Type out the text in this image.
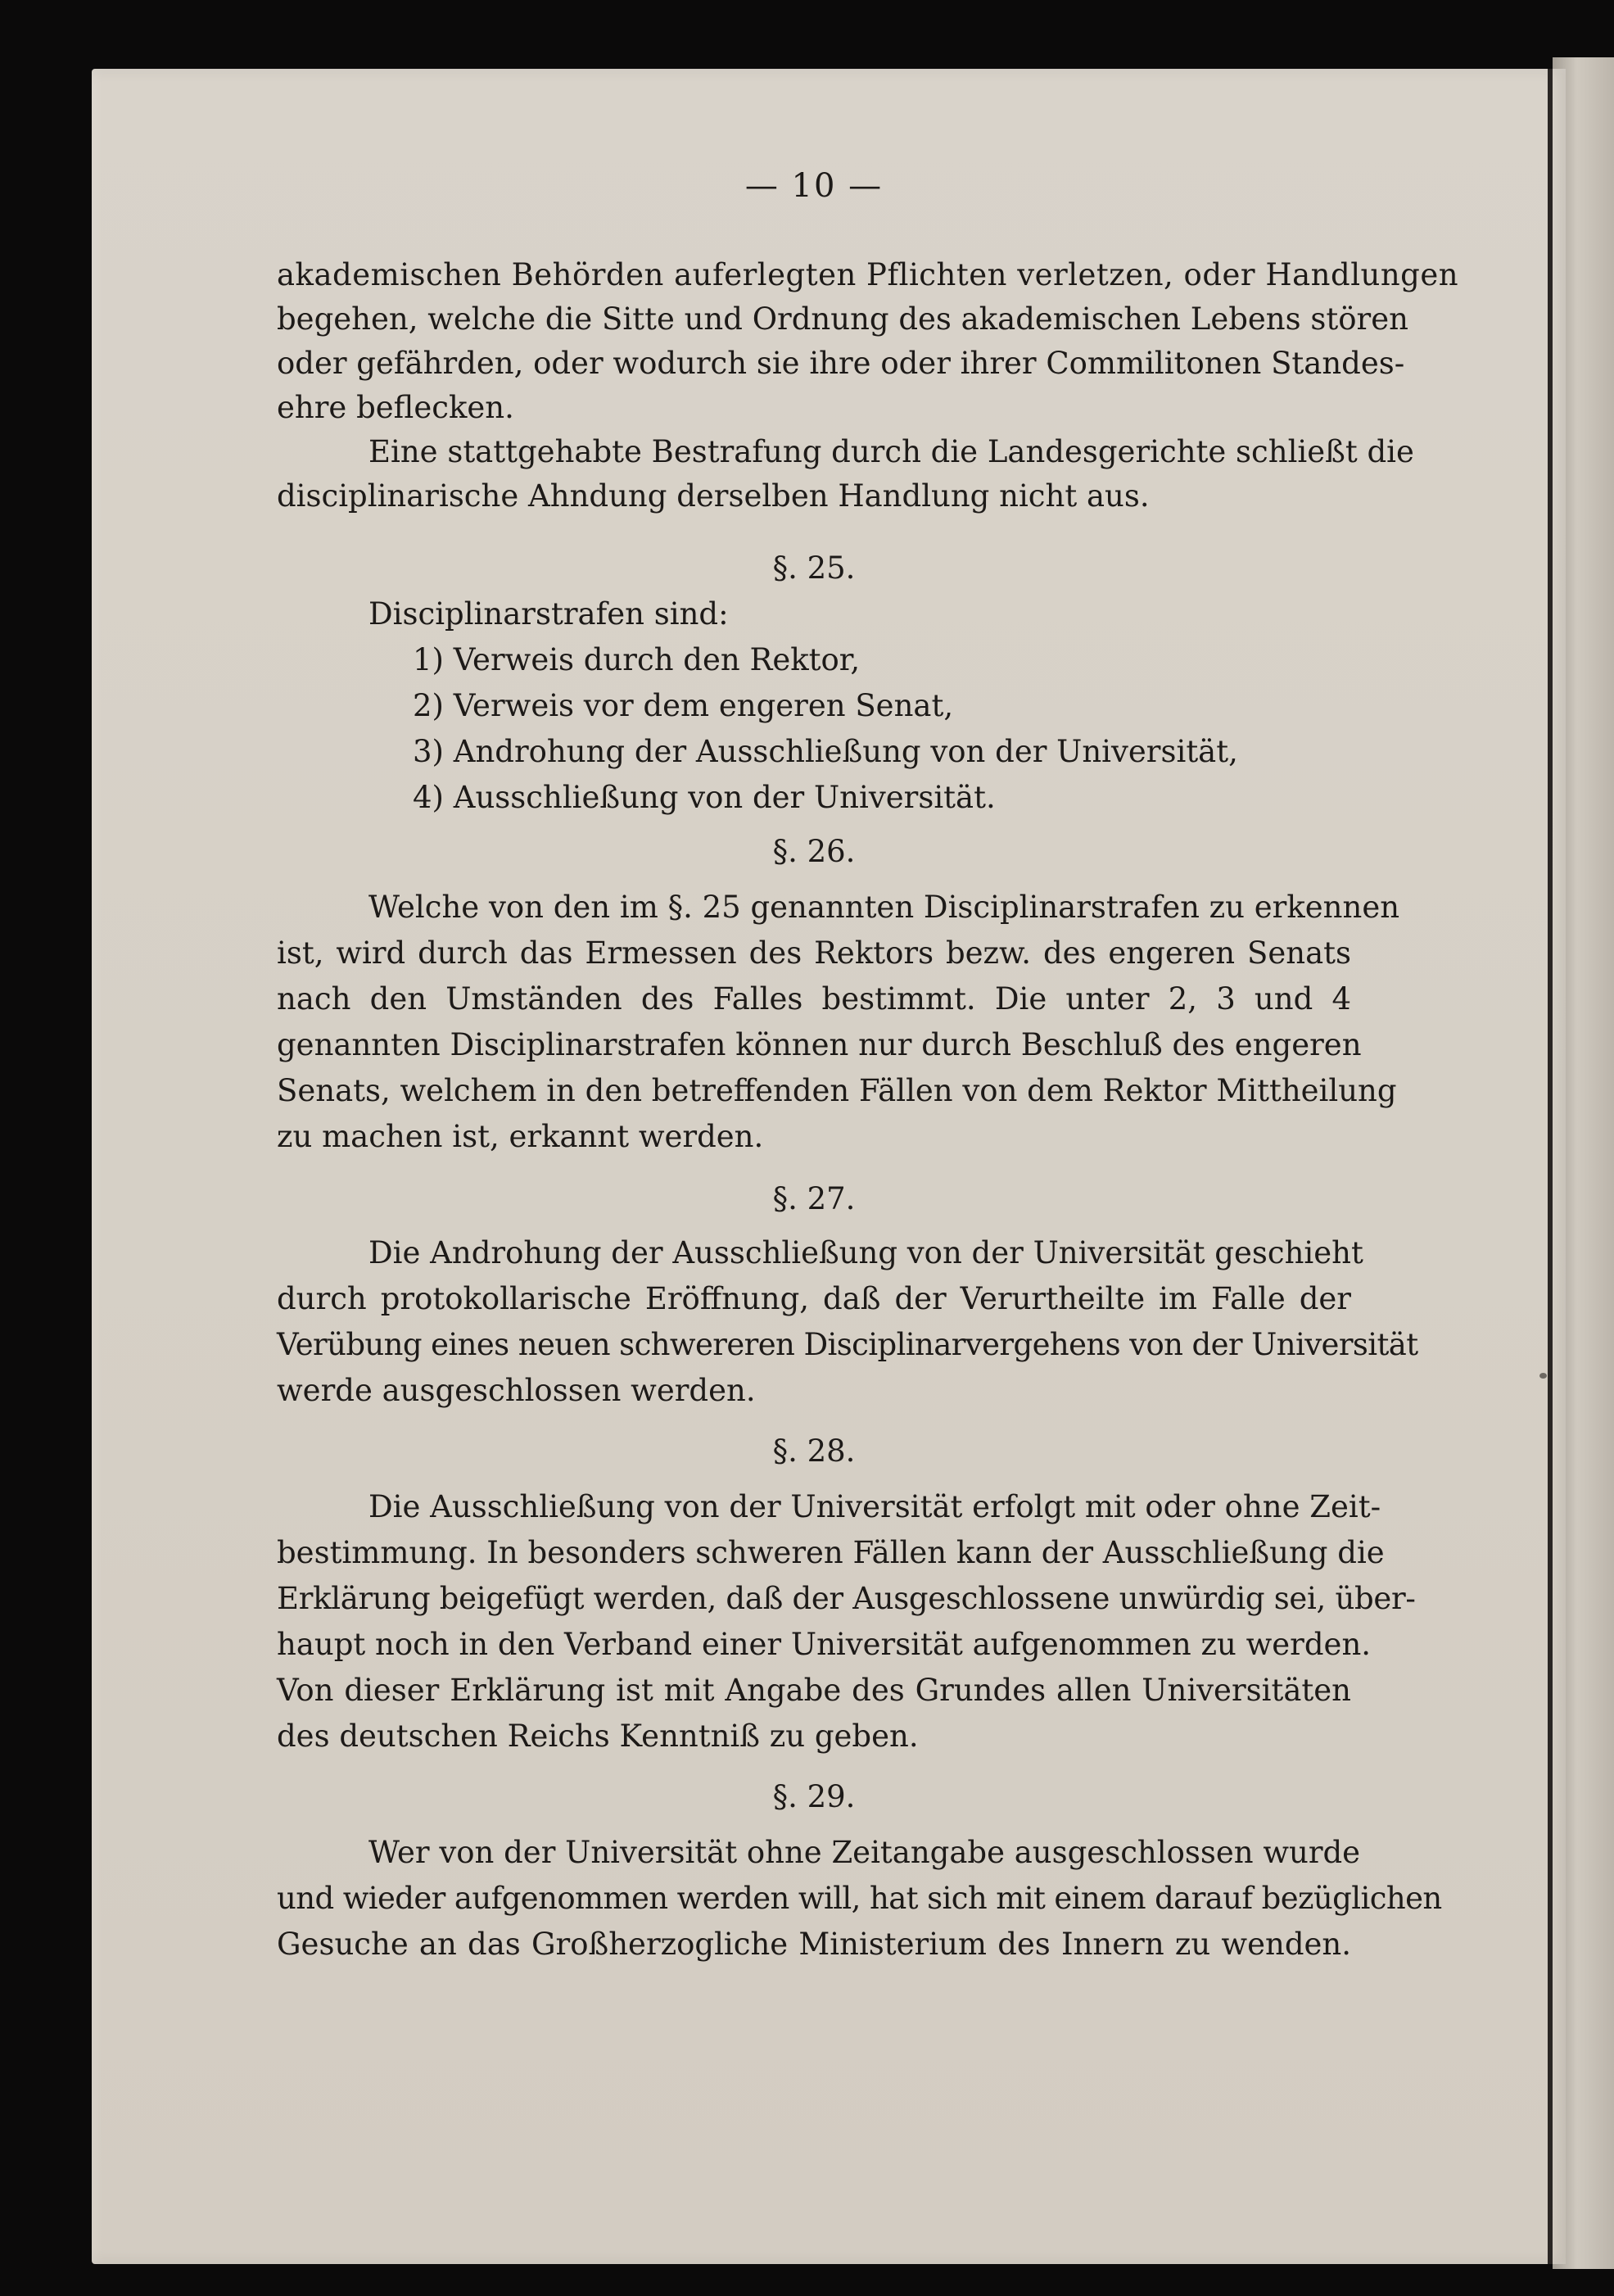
— 10 —
akademischen Behörden auferlegten Pflichten verletzen, oder Handlungen
begehen, welche die Sitte und Ordnung des akademischen Lebens stören
oder gefährden, oder wodurch sie ihre oder ihrer Commilitonen Standes-
ehre beflecken.
Eine stattgehabte Bestrafung durch die Landesgerichte schließt die
disciplinarische Ahndung derselben Handlung nicht aus.
§. 25.
Disciplinarstrafen sind:
1) Verweis durch den Rektor,
2) Verweis vor dem engeren Senat,
3) Androhung der Ausschließung von der Universität,
4) Ausschließung von der Universität.
§. 26.
Welche von den im §. 25 genannten Disciplinarstrafen zu erkennen
ist, wird durch das Ermessen des Rektors bezw. des engeren Senats
nach den Umständen des Falles bestimmt. Die unter 2, 3 und 4
genannten Disciplinarstrafen können nur durch Beschluß des engeren
Senats, welchem in den betreffenden Fällen von dem Rektor Mittheilung
zu machen ist, erkannt werden.
§. 27.
Die Androhung der Ausschließung von der Universität geschieht
durch protokollarische Eröffnung, daß der Verurtheilte im Falle der
Verübung eines neuen schwereren Disciplinarvergehens von der Universität
werde ausgeschlossen werden.
§. 28.
Die Ausschließung von der Universität erfolgt mit oder ohne Zeit-
bestimmung. In besonders schweren Fällen kann der Ausschließung die
Erklärung beigefügt werden, daß der Ausgeschlossene unwürdig sei, über-
haupt noch in den Verband einer Universität aufgenommen zu werden.
Von dieser Erklärung ist mit Angabe des Grundes allen Universitäten
des deutschen Reichs Kenntniß zu geben.
§. 29.
Wer von der Universität ohne Zeitangabe ausgeschlossen wurde
und wieder aufgenommen werden will, hat sich mit einem darauf bezüglichen
Gesuche an das Großherzogliche Ministerium des Innern zu wenden.
